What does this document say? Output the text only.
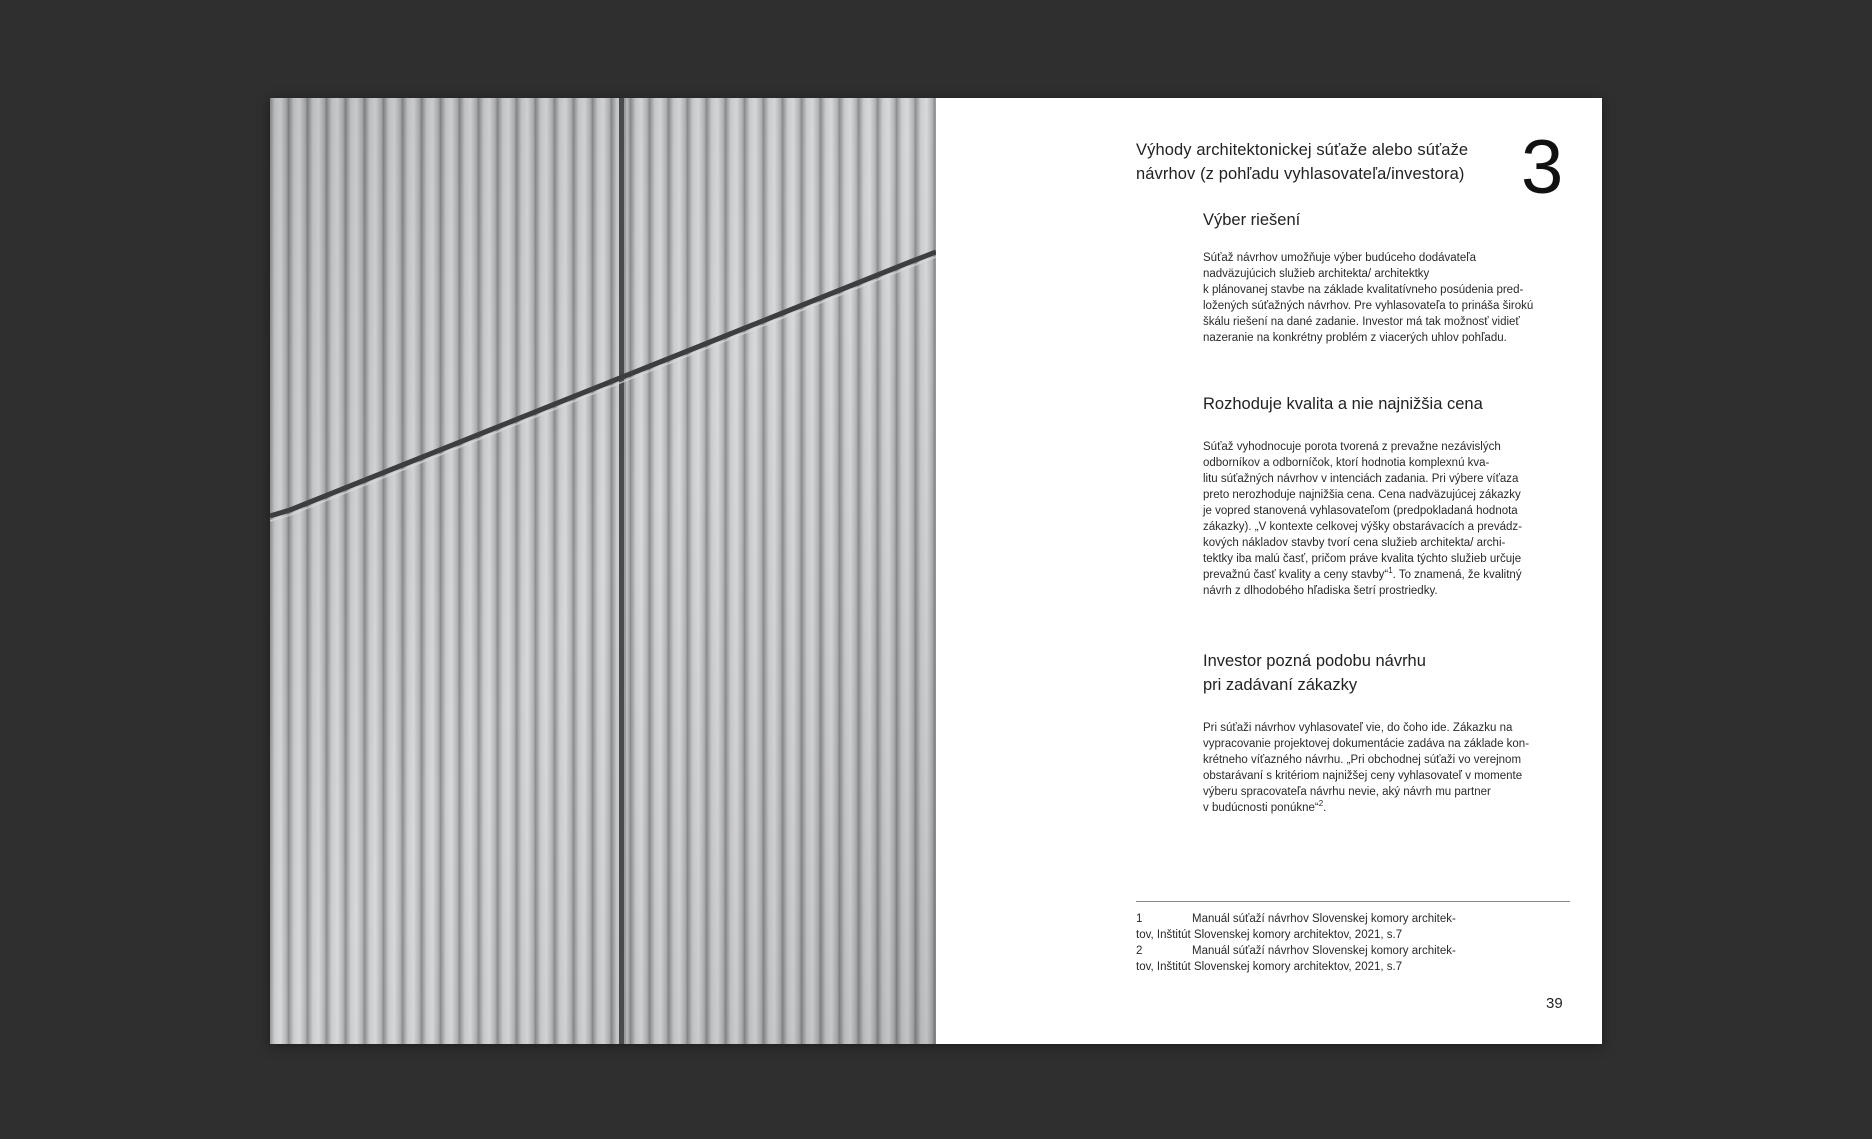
Výhody architektonickej súťaže alebo súťaže
návrhov (z pohľadu vyhlasovateľa/investora) 3
Výber riešení

Súťaž návrhov umožňuje výber budúceho dodávateľa
nadväzujúcich služieb architekta/ architektky
k plánovanej stavbe na základe kvalitatívneho posúdenia pred-
ložených súťažných návrhov. Pre vyhlasovateľa to prináša širokú
škálu riešení na dané zadanie. Investor má tak možnosť vidieť
nazeranie na konkrétny problém z viacerých uhlov pohľadu.

Rozhoduje kvalita a nie najnižšia cena

Súťaž vyhodnocuje porota tvorená z prevažne nezávislých
odborníkov a odborníčok, ktorí hodnotia komplexnú kva-
litu súťažných návrhov v intenciách zadania. Pri výbere víťaza
preto nerozhoduje najnižšia cena. Cena nadväzujúcej zákazky
je vopred stanovená vyhlasovateľom (predpokladaná hodnota
zákazky). „V kontexte celkovej výšky obstarávacích a prevádz-
kových nákladov stavby tvorí cena služieb architekta/ archi-
tektky iba malú časť, pričom práve kvalita týchto služieb určuje
prevažnú časť kvality a ceny stavby“$^1$. To znamená, že kvalitný
návrh z dlhodobého hľadiska šetrí prostriedky.

Investor pozná podobu návrhu
pri zadávaní zákazky

Pri súťaži návrhov vyhlasovateľ vie, do čoho ide. Zákazku na
vypracovanie projektovej dokumentácie zadáva na základe kon-
krétneho víťazného návrhu. „Pri obchodnej súťaži vo verejnom
obstarávaní s kritériom najnižšej ceny vyhlasovateľ v momente
výberu spracovateľa návrhu nevie, aký návrh mu partner
v budúcnosti ponúkne“$^2$.

1	Manuál súťaží návrhov Slovenskej komory architek-
tov, Inštitút Slovenskej komory architektov, 2021, s.7
2	Manuál súťaží návrhov Slovenskej komory architek-
tov, Inštitút Slovenskej komory architektov, 2021, s.7
39
